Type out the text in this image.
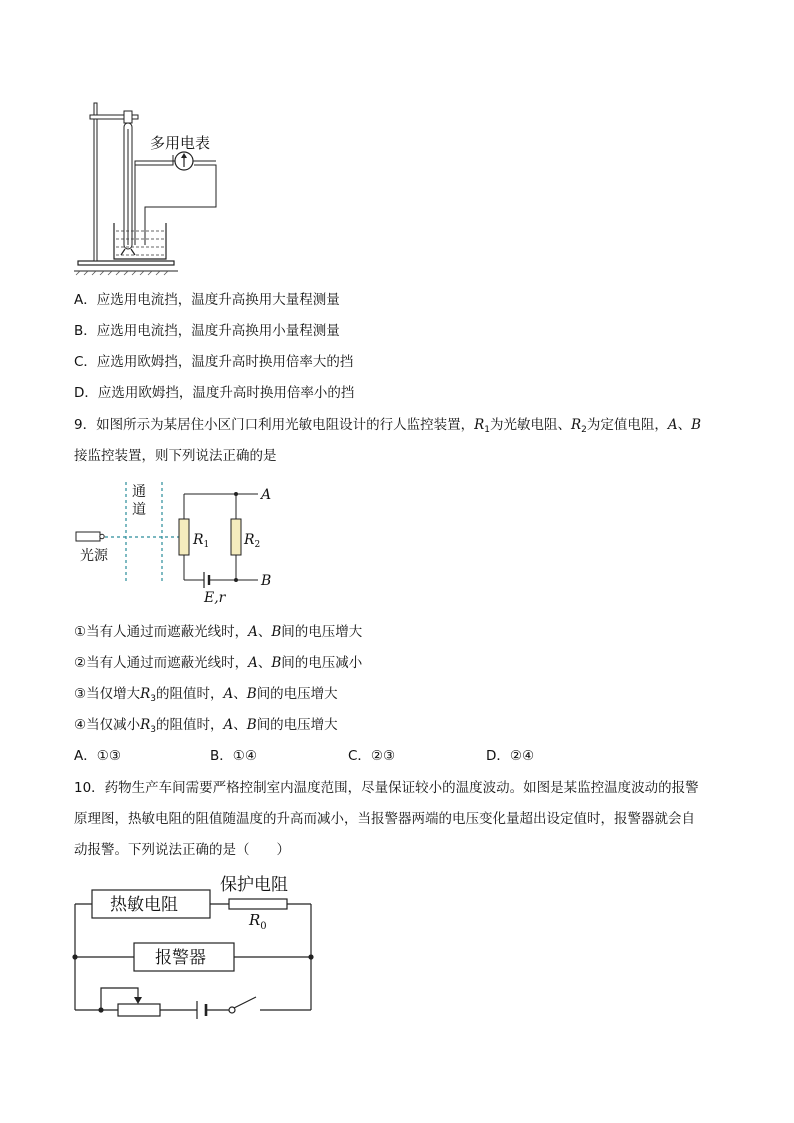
多用电表
A．应选用电流挡，温度升高换用大量程测量
B．应选用电流挡，温度升高换用小量程测量
C．应选用欧姆挡，温度升高时换用倍率大的挡
D．应选用欧姆挡，温度升高时换用倍率小的挡
9．如图所示为某居住小区门口利用光敏电阻设计的行人监控装置，$R_1$为光敏电阻、$R_2$为定值电阻，A、B
接监控装置，则下列说法正确的是
光源
通
道
$R_1$ $R_2$
A
B
E,r
①当有人通过而遮蔽光线时，A、B间的电压增大
②当有人通过而遮蔽光线时，A、B间的电压减小
③当仅增大$R_3$的阻值时，A、B间的电压增大
④当仅减小$R_3$的阻值时，A、B间的电压增大
A．①③	B．①④	C．②③	D．②④
10．药物生产车间需要严格控制室内温度范围，尽量保证较小的温度波动。如图是某监控温度波动的报警
原理图，热敏电阻的阻值随温度的升高而减小，当报警器两端的电压变化量超出设定值时，报警器就会自
动报警。下列说法正确的是（　　）
热敏电阻
保护电阻
$R_0$
报警器
